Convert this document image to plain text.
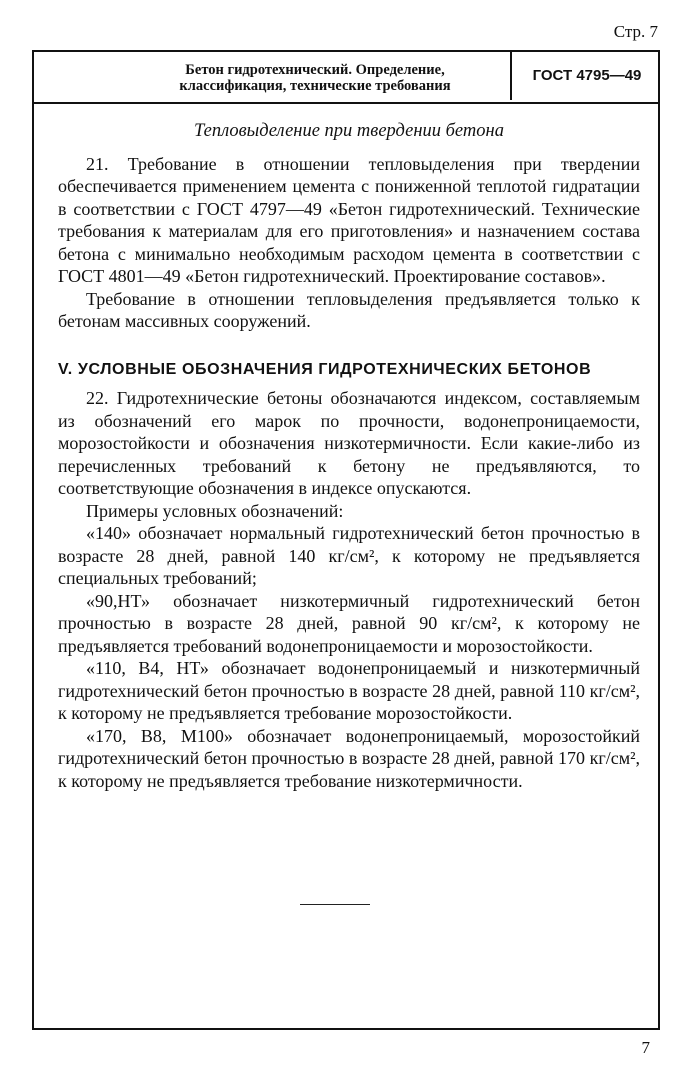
Стр. 7
Бетон гидротехнический. Определение,
классификация, технические требования
ГОСТ 4795—49
Тепловыделение при твердении бетона

21. Требование в отношении тепловыделения при твердении обеспечивается применением цемента с пониженной теплотой гидратации в соответствии с ГОСТ 4797—49 «Бетон гидротехнический. Технические требования к материалам для его приготовления» и назначением состава бетона с минимально необходимым расходом цемента в соответствии с ГОСТ 4801—49 «Бетон гидротехнический. Проектирование составов».

Требование в отношении тепловыделения предъявляется только к бетонам массивных сооружений.

V. УСЛОВНЫЕ ОБОЗНАЧЕНИЯ ГИДРОТЕХНИЧЕСКИХ БЕТОНОВ

22. Гидротехнические бетоны обозначаются индексом, составляемым из обозначений его марок по прочности, водонепроницаемости, морозостойкости и обозначения низкотермичности. Если какие-либо из перечисленных требований к бетону не предъявляются, то соответствующие обозначения в индексе опускаются.

Примеры условных обозначений:

«140» обозначает нормальный гидротехнический бетон прочностью в возрасте 28 дней, равной 140 кг/см², к которому не предъявляется специальных требований;

«90,НТ» обозначает низкотермичный гидротехнический бетон прочностью в возрасте 28 дней, равной 90 кг/см², к которому не предъявляется требований водонепроницаемости и морозостойкости.

«110, В4, НТ» обозначает водонепроницаемый и низкотермичный гидротехнический бетон прочностью в возрасте 28 дней, равной 110 кг/см², к которому не предъявляется требование морозостойкости.

«170, В8, М100» обозначает водонепроницаемый, морозостойкий гидротехнический бетон прочностью в возрасте 28 дней, равной 170 кг/см², к которому не предъявляется требование низкотермичности.

7
